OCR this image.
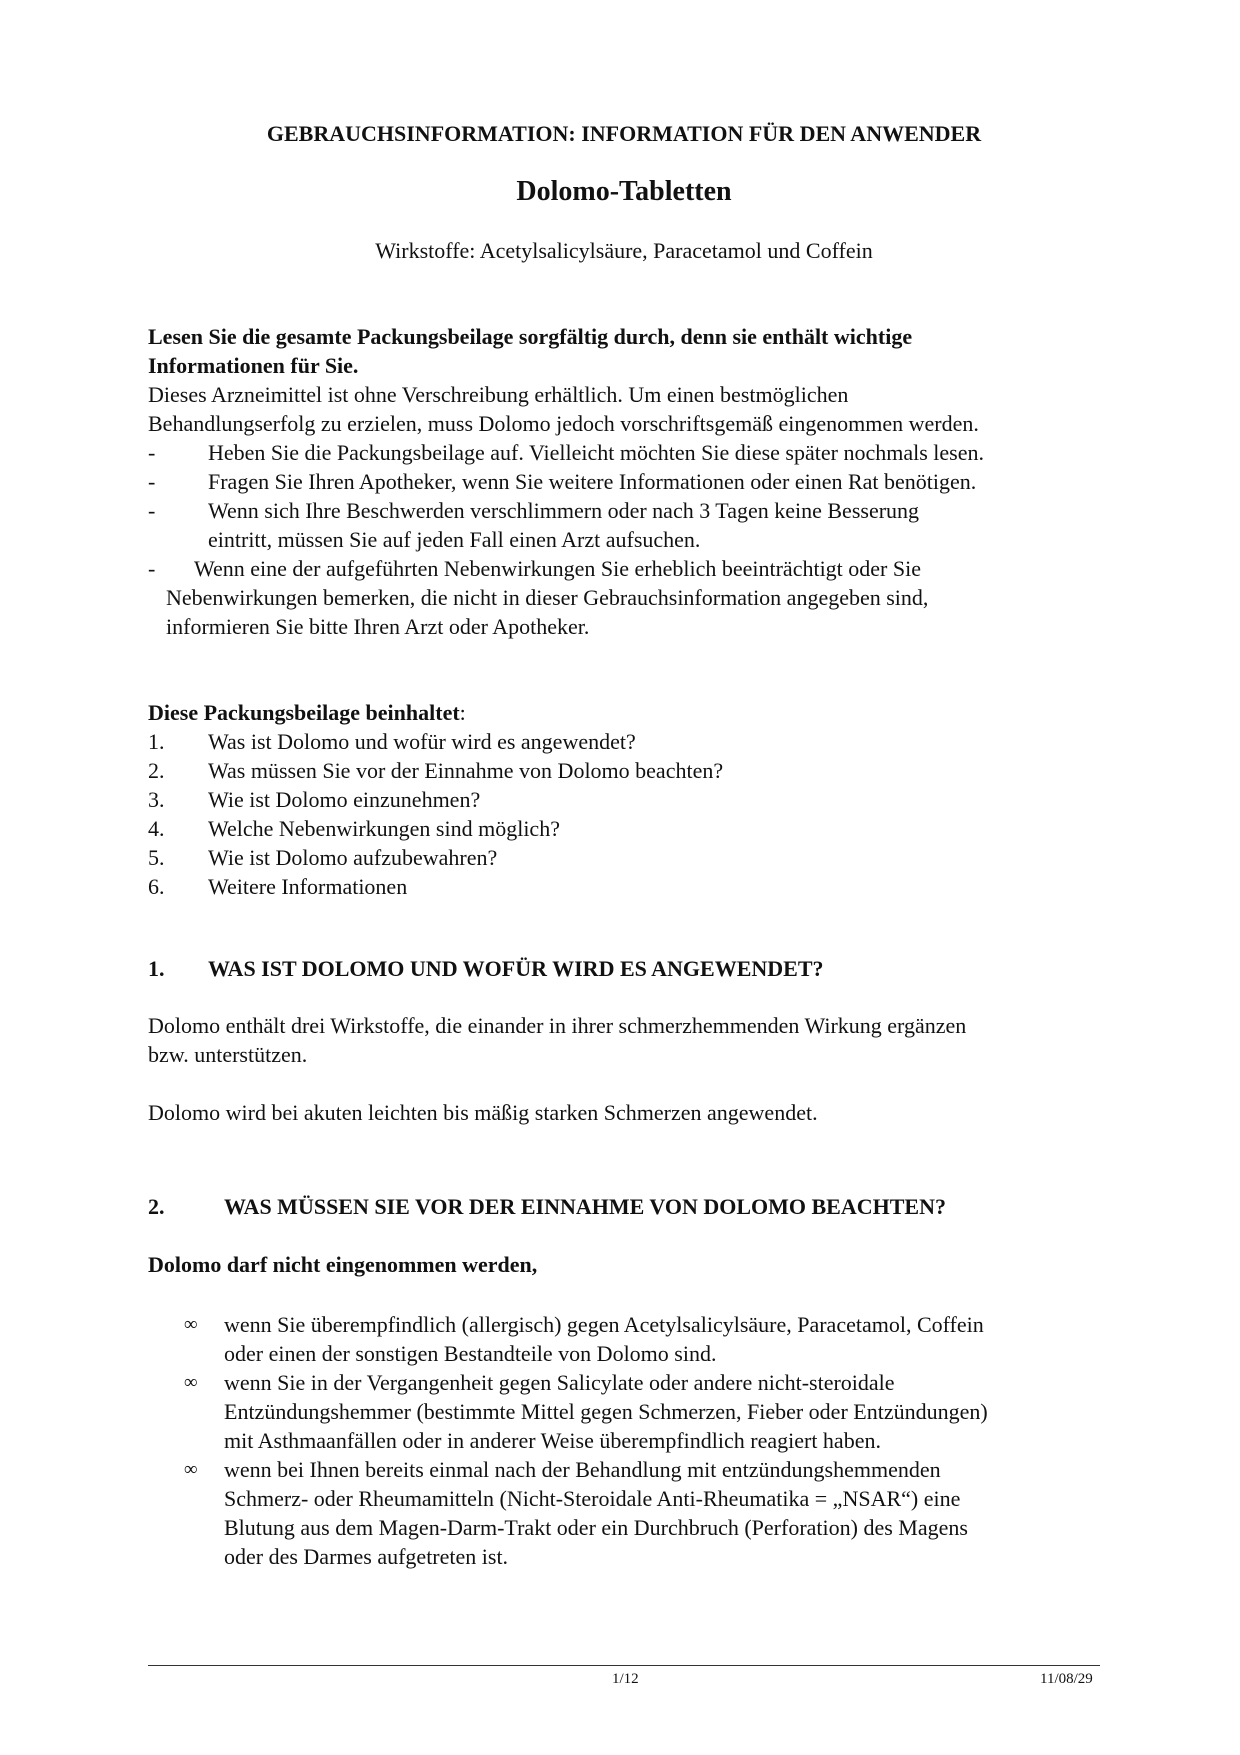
GEBRAUCHSINFORMATION: INFORMATION FÜR DEN ANWENDER
Dolomo-Tabletten
Wirkstoffe: Acetylsalicylsäure, Paracetamol und Coffein
Lesen Sie die gesamte Packungsbeilage sorgfältig durch, denn sie enthält wichtige
Informationen für Sie.
Dieses Arzneimittel ist ohne Verschreibung erhältlich. Um einen bestmöglichen
Behandlungserfolg zu erzielen, muss Dolomo jedoch vorschriftsgemäß eingenommen werden.
- Heben Sie die Packungsbeilage auf. Vielleicht möchten Sie diese später nochmals lesen.
- Fragen Sie Ihren Apotheker, wenn Sie weitere Informationen oder einen Rat benötigen.
- Wenn sich Ihre Beschwerden verschlimmern oder nach 3 Tagen keine Besserung
eintritt, müssen Sie auf jeden Fall einen Arzt aufsuchen.
- Wenn eine der aufgeführten Nebenwirkungen Sie erheblich beeinträchtigt oder Sie
Nebenwirkungen bemerken, die nicht in dieser Gebrauchsinformation angegeben sind,
informieren Sie bitte Ihren Arzt oder Apotheker.
Diese Packungsbeilage beinhaltet:
1. Was ist Dolomo und wofür wird es angewendet?
2. Was müssen Sie vor der Einnahme von Dolomo beachten?
3. Wie ist Dolomo einzunehmen?
4. Welche Nebenwirkungen sind möglich?
5. Wie ist Dolomo aufzubewahren?
6. Weitere Informationen
1. WAS IST DOLOMO UND WOFÜR WIRD ES ANGEWENDET?
Dolomo enthält drei Wirkstoffe, die einander in ihrer schmerzhemmenden Wirkung ergänzen
bzw. unterstützen.
Dolomo wird bei akuten leichten bis mäßig starken Schmerzen angewendet.
2.	WAS MÜSSEN SIE VOR DER EINNAHME VON DOLOMO BEACHTEN?
Dolomo darf nicht eingenommen werden,
∞ wenn Sie überempfindlich (allergisch) gegen Acetylsalicylsäure, Paracetamol, Coffein
oder einen der sonstigen Bestandteile von Dolomo sind.
∞ wenn Sie in der Vergangenheit gegen Salicylate oder andere nicht-steroidale
Entzündungshemmer (bestimmte Mittel gegen Schmerzen, Fieber oder Entzündungen)
mit Asthmaanfällen oder in anderer Weise überempfindlich reagiert haben.
∞ wenn bei Ihnen bereits einmal nach der Behandlung mit entzündungshemmenden
Schmerz- oder Rheumamitteln (Nicht-Steroidale Anti-Rheumatika = „NSAR“) eine
Blutung aus dem Magen-Darm-Trakt oder ein Durchbruch (Perforation) des Magens
oder des Darmes aufgetreten ist.
1/12	11/08/29
